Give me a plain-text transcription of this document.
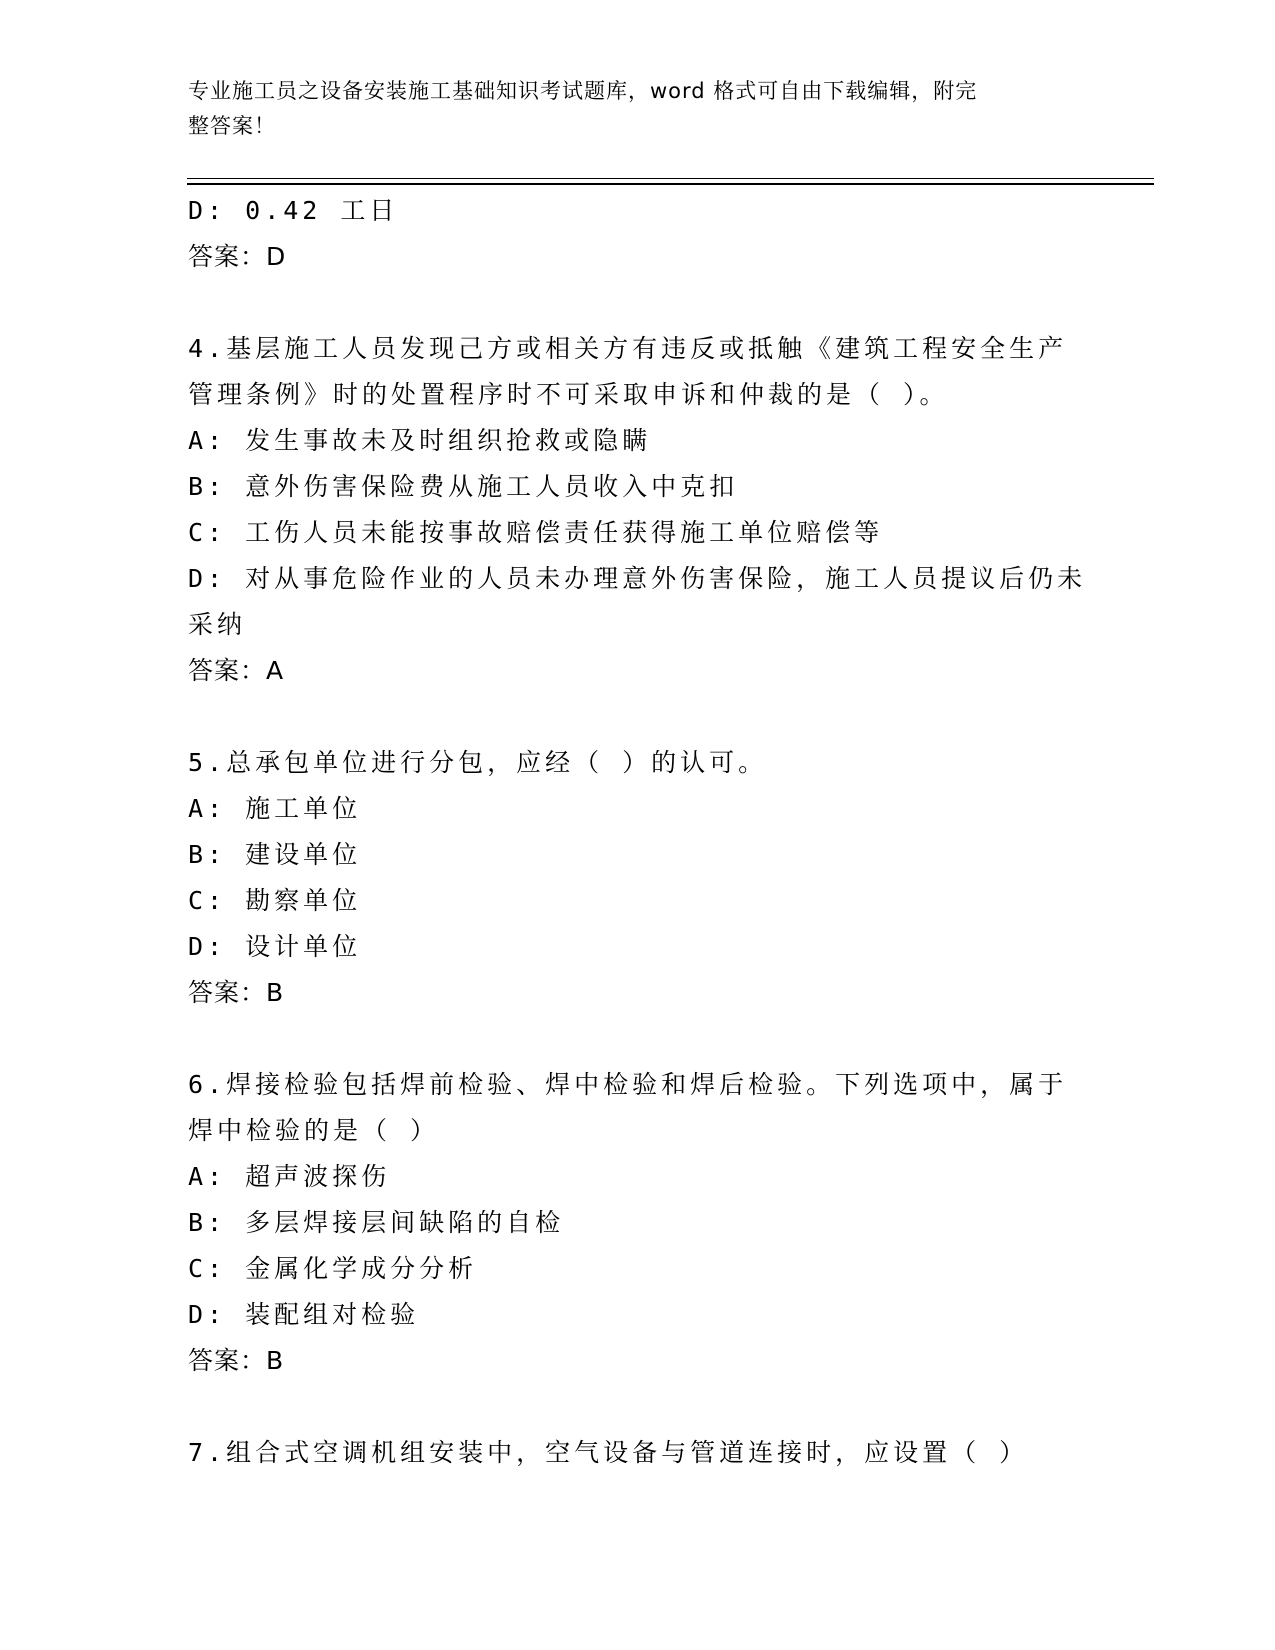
专业施工员之设备安装施工基础知识考试题库，word 格式可自由下载编辑，附完
整答案！
D: 0.42 工日
答案：D
4.基层施工人员发现己方或相关方有违反或抵触《建筑工程安全生产
管理条例》时的处置程序时不可采取申诉和仲裁的是（ ）。
A: 发生事故未及时组织抢救或隐瞒
B: 意外伤害保险费从施工人员收入中克扣
C: 工伤人员未能按事故赔偿责任获得施工单位赔偿等
D: 对从事危险作业的人员未办理意外伤害保险，施工人员提议后仍未
采纳
答案：A
5.总承包单位进行分包，应经（ ）的认可。
A: 施工单位
B: 建设单位
C: 勘察单位
D: 设计单位
答案：B
6.焊接检验包括焊前检验、焊中检验和焊后检验。下列选项中，属于
焊中检验的是（ ）
A: 超声波探伤
B: 多层焊接层间缺陷的自检
C: 金属化学成分分析
D: 装配组对检验
答案：B
7.组合式空调机组安装中，空气设备与管道连接时，应设置（ ）
